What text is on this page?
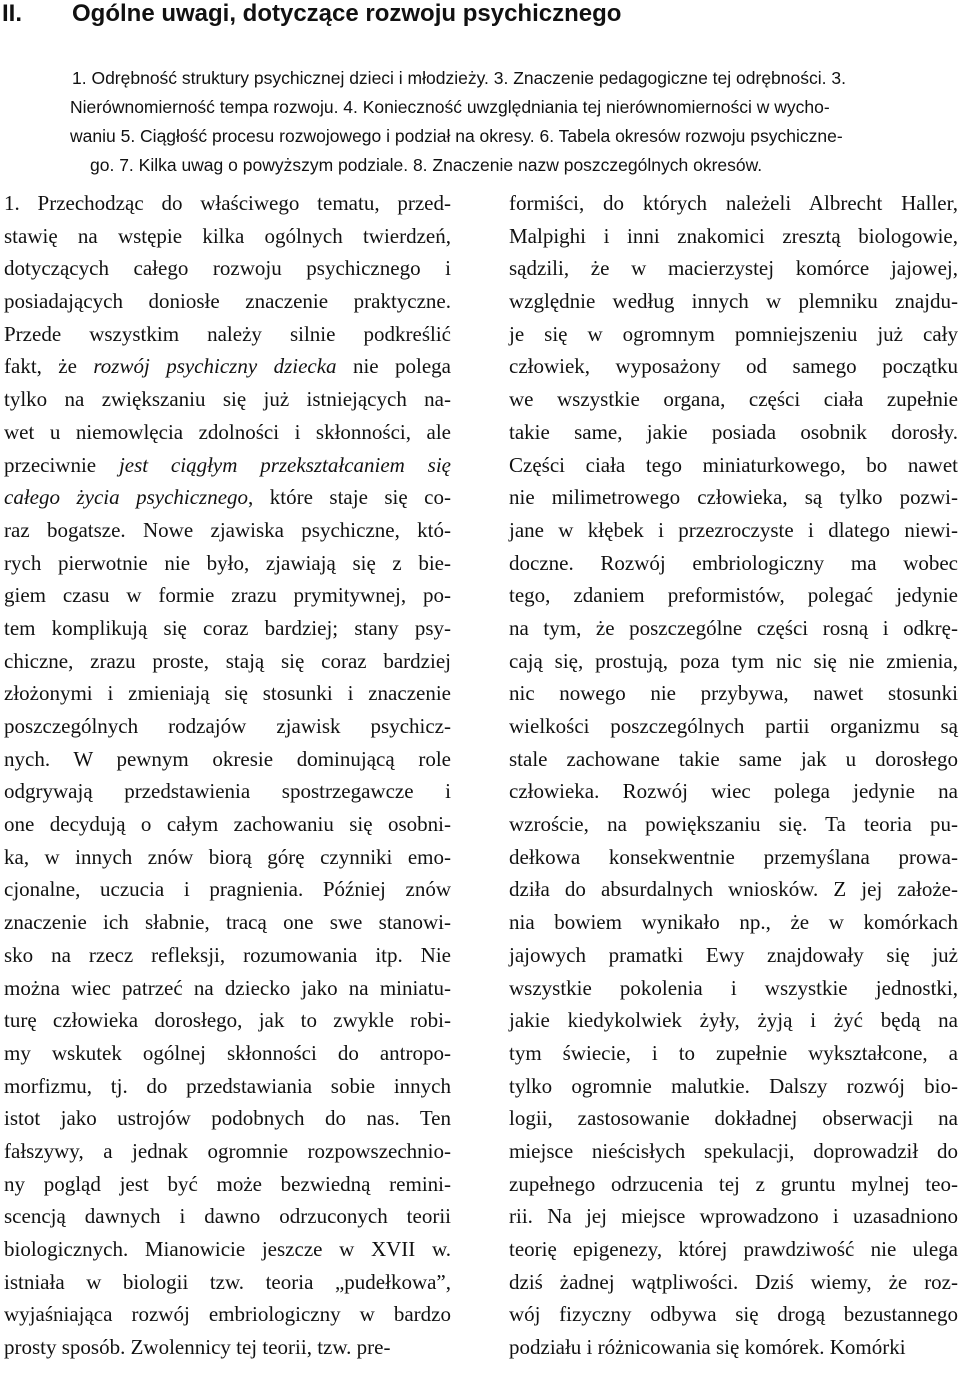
II. Ogólne uwagi, dotyczące rozwoju psychicznego
1. Odrębność struktury psychicznej dzieci i młodzieży. 3. Znaczenie pedagogiczne tej odrębności. 3.
Nierównomierność tempa rozwoju. 4. Konieczność uwzględniania tej nierównomierności w wycho-
waniu 5. Ciągłość procesu rozwojowego i podział na okresy. 6. Tabela okresów rozwoju psychiczne-
go. 7. Kilka uwag o powyższym podziale. 8. Znaczenie nazw poszczególnych okresów.
1. Przechodząc do właściwego tematu, przed-
stawię na wstępie kilka ogólnych twierdzeń,
dotyczących całego rozwoju psychicznego i
posiadających doniosłe znaczenie praktyczne.
Przede wszystkim należy silnie podkreślić
fakt, że rozwój psychiczny dziecka nie polega
tylko na zwiększaniu się już istniejących na-
wet u niemowlęcia zdolności i skłonności, ale
przeciwnie jest ciągłym przekształcaniem się
całego życia psychicznego, które staje się co-
raz bogatsze. Nowe zjawiska psychiczne, któ-
rych pierwotnie nie było, zjawiają się z bie-
giem czasu w formie zrazu prymitywnej, po-
tem komplikują się coraz bardziej; stany psy-
chiczne, zrazu proste, stają się coraz bardziej
złożonymi i zmieniają się stosunki i znaczenie
poszczególnych rodzajów zjawisk psychicz-
nych. W pewnym okresie dominującą role
odgrywają przedstawienia spostrzegawcze i
one decydują o całym zachowaniu się osobni-
ka, w innych znów biorą górę czynniki emo-
cjonalne, uczucia i pragnienia. Później znów
znaczenie ich słabnie, tracą one swe stanowi-
sko na rzecz refleksji, rozumowania itp. Nie
można wiec patrzeć na dziecko jako na miniatu-
turę człowieka dorosłego, jak to zwykle robi-
my wskutek ogólnej skłonności do antropo-
morfizmu, tj. do przedstawiania sobie innych
istot jako ustrojów podobnych do nas. Ten
fałszywy, a jednak ogromnie rozpowszechnio-
ny pogląd jest być może bezwiedną remini-
scencją dawnych i dawno odrzuconych teorii
biologicznych. Mianowicie jeszcze w XVII w.
istniała w biologii tzw. teoria „pudełkowa”,
wyjaśniająca rozwój embriologiczny w bardzo
prosty sposób. Zwolennicy tej teorii, tzw. pre-
formiści, do których należeli Albrecht Haller,
Malpighi i inni znakomici zresztą biologowie,
sądzili, że w macierzystej komórce jajowej,
względnie według innych w plemniku znajdu-
je się w ogromnym pomniejszeniu już cały
człowiek, wyposażony od samego początku
we wszystkie organa, części ciała zupełnie
takie same, jakie posiada osobnik dorosły.
Części ciała tego miniaturkowego, bo nawet
nie milimetrowego człowieka, są tylko pozwi-
jane w kłębek i przezroczyste i dlatego niewi-
doczne. Rozwój embriologiczny ma wobec
tego, zdaniem preformistów, polegać jedynie
na tym, że poszczególne części rosną i odkrę-
cają się, prostują, poza tym nic się nie zmienia,
nic nowego nie przybywa, nawet stosunki
wielkości poszczególnych partii organizmu są
stale zachowane takie same jak u dorosłego
człowieka. Rozwój wiec polega jedynie na
wzroście, na powiększaniu się. Ta teoria pu-
dełkowa konsekwentnie przemyślana prowa-
dziła do absurdalnych wniosków. Z jej założe-
nia bowiem wynikało np., że w komórkach
jajowych pramatki Ewy znajdowały się już
wszystkie pokolenia i wszystkie jednostki,
jakie kiedykolwiek żyły, żyją i żyć będą na
tym świecie, i to zupełnie wykształcone, a
tylko ogromnie malutkie. Dalszy rozwój bio-
logii, zastosowanie dokładnej obserwacji na
miejsce nieścisłych spekulacji, doprowadził do
zupełnego odrzucenia tej z gruntu mylnej teo-
rii. Na jej miejsce wprowadzono i uzasadniono
teorię epigenezy, której prawdziwość nie ulega
dziś żadnej wątpliwości. Dziś wiemy, że roz-
wój fizyczny odbywa się drogą bezustannego
podziału i różnicowania się komórek. Komórki
